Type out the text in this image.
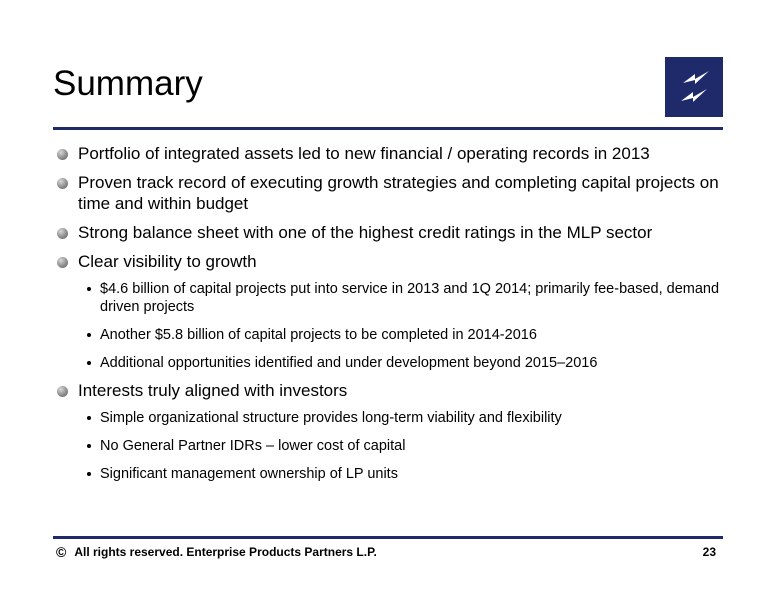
Summary
Portfolio of integrated assets led to new financial / operating records in 2013
Proven track record of executing growth strategies and completing capital projects on time and within budget
Strong balance sheet with one of the highest credit ratings in the MLP sector
Clear visibility to growth
$4.6 billion of capital projects put into service in 2013 and 1Q 2014; primarily fee-based, demand driven projects
Another $5.8 billion of capital projects to be completed in 2014-2016
Additional opportunities identified and under development beyond 2015–2016
Interests truly aligned with investors
Simple organizational structure provides long-term viability and flexibility
No General Partner IDRs – lower cost of capital
Significant management ownership of LP units
© All rights reserved. Enterprise Products Partners L.P.	23
